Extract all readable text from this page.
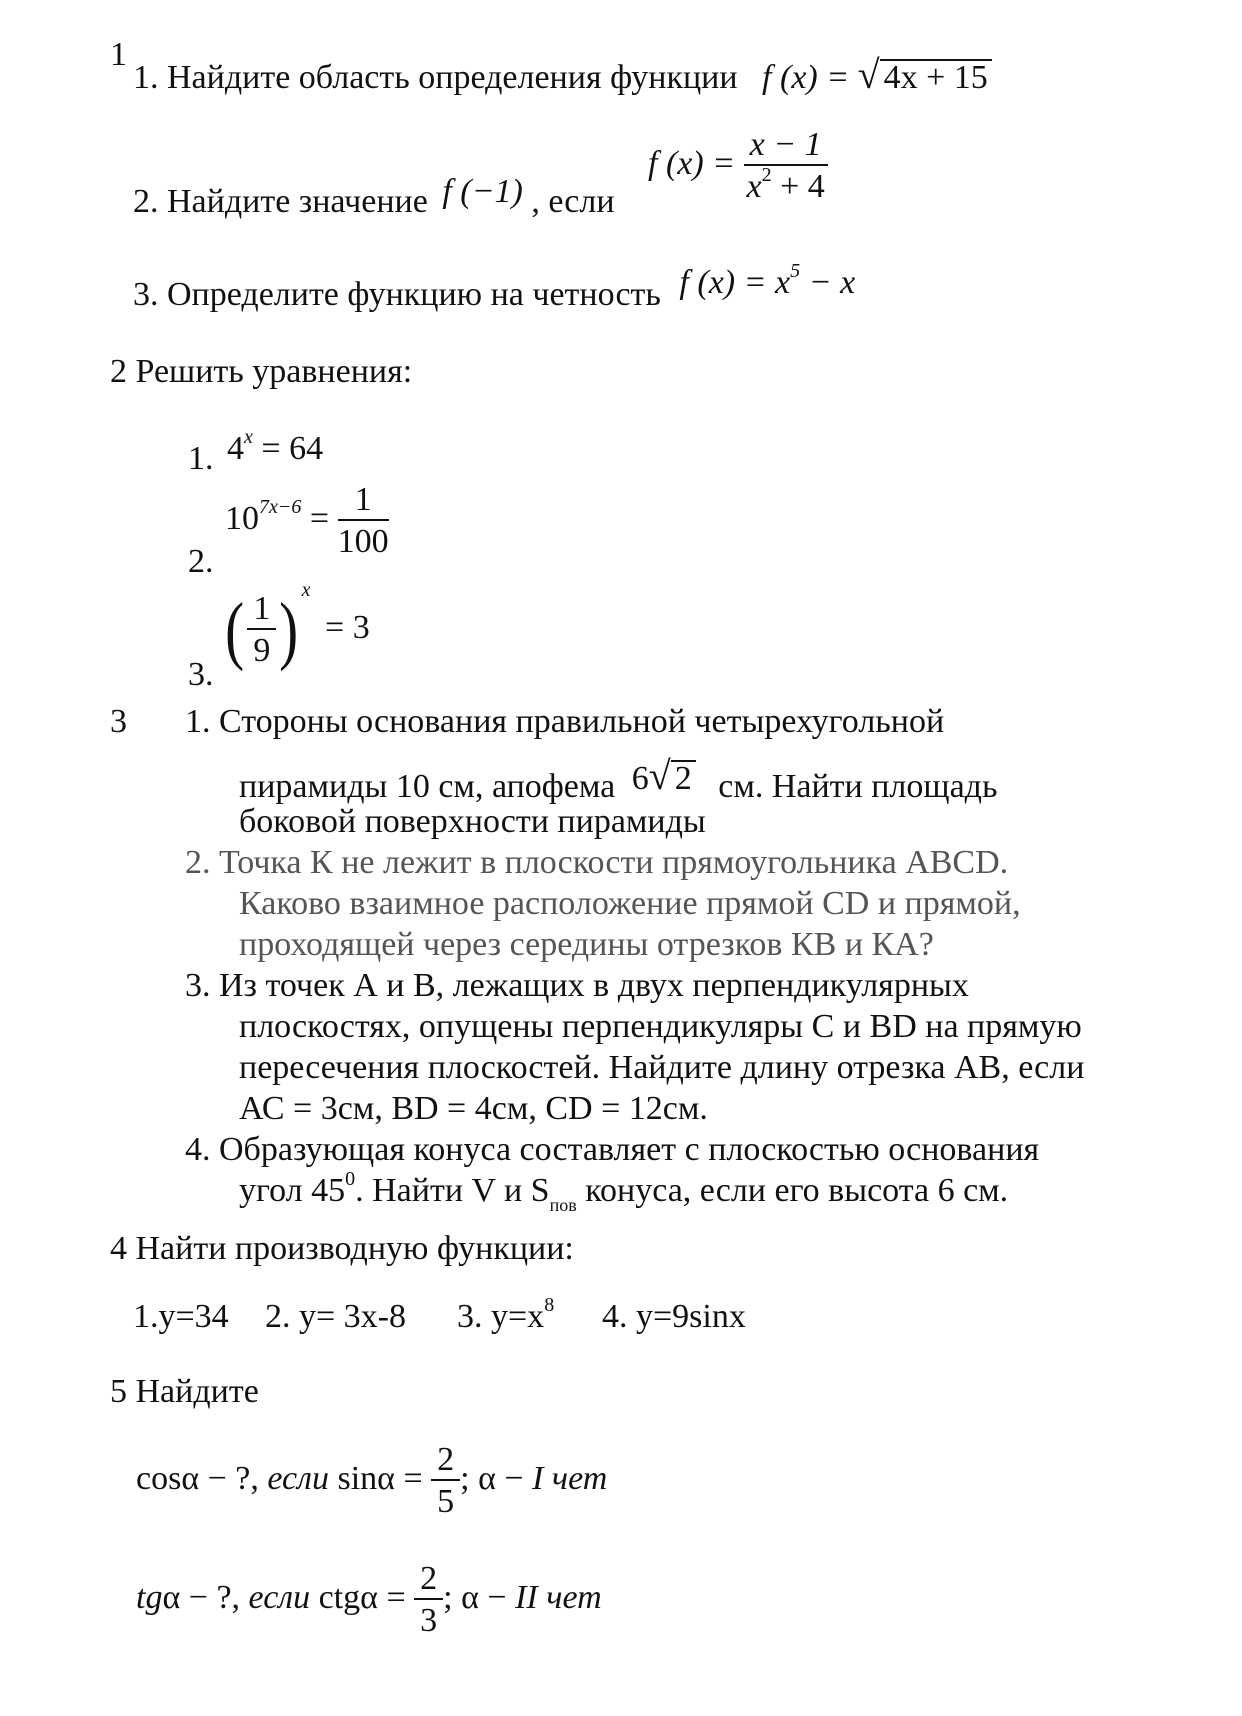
1
1. Найдите область определения функции f (x) = √ 4x + 15
2. Найдите значение f (−1) , если
f $(x) = \frac{x - 1}{x^2 + 4}$
3. Определите функцию на четность f $(x) = x^5 - x$
2 Решить уравнения:
1. $4^x = 64$
2.
$10^{7x-6} = \frac{1}{100}$
3.
( $\frac{1}{9}$ ) $^x$ = 3
3 1. Стороны основания правильной четырехугольной
пирамиды 10 см, апофема 6√ 2 см. Найти площадь
боковой поверхности пирамиды
2. Точка К не лежит в плоскости прямоугольника ABCD.
Каково взаимное расположение прямой CD и прямой,
проходящей через середины отрезков КВ и КА?
3. Из точек А и В, лежащих в двух перпендикулярных
плоскостях, опущены перпендикуляры С и BD на прямую
пересечения плоскостей. Найдите длину отрезка АВ, если
АС = 3см, BD = 4см, CD = 12см.
4. Образующая конуса составляет с плоскостью основания
угол $45^0$. Найти V и $S_{пов}$ конуса, если его высота 6 см.
4 Найти производную функции:
1.y=34 2. y= 3x-8 3. $y=x^8$ 4. y=9sinx
5 Найдите
cosα − ?, если $\sin\alpha = \frac{2}{5}$ ; α − I чет
tgα − ?, если $ctg\alpha = \frac{2}{3}$ ; α − II чет
